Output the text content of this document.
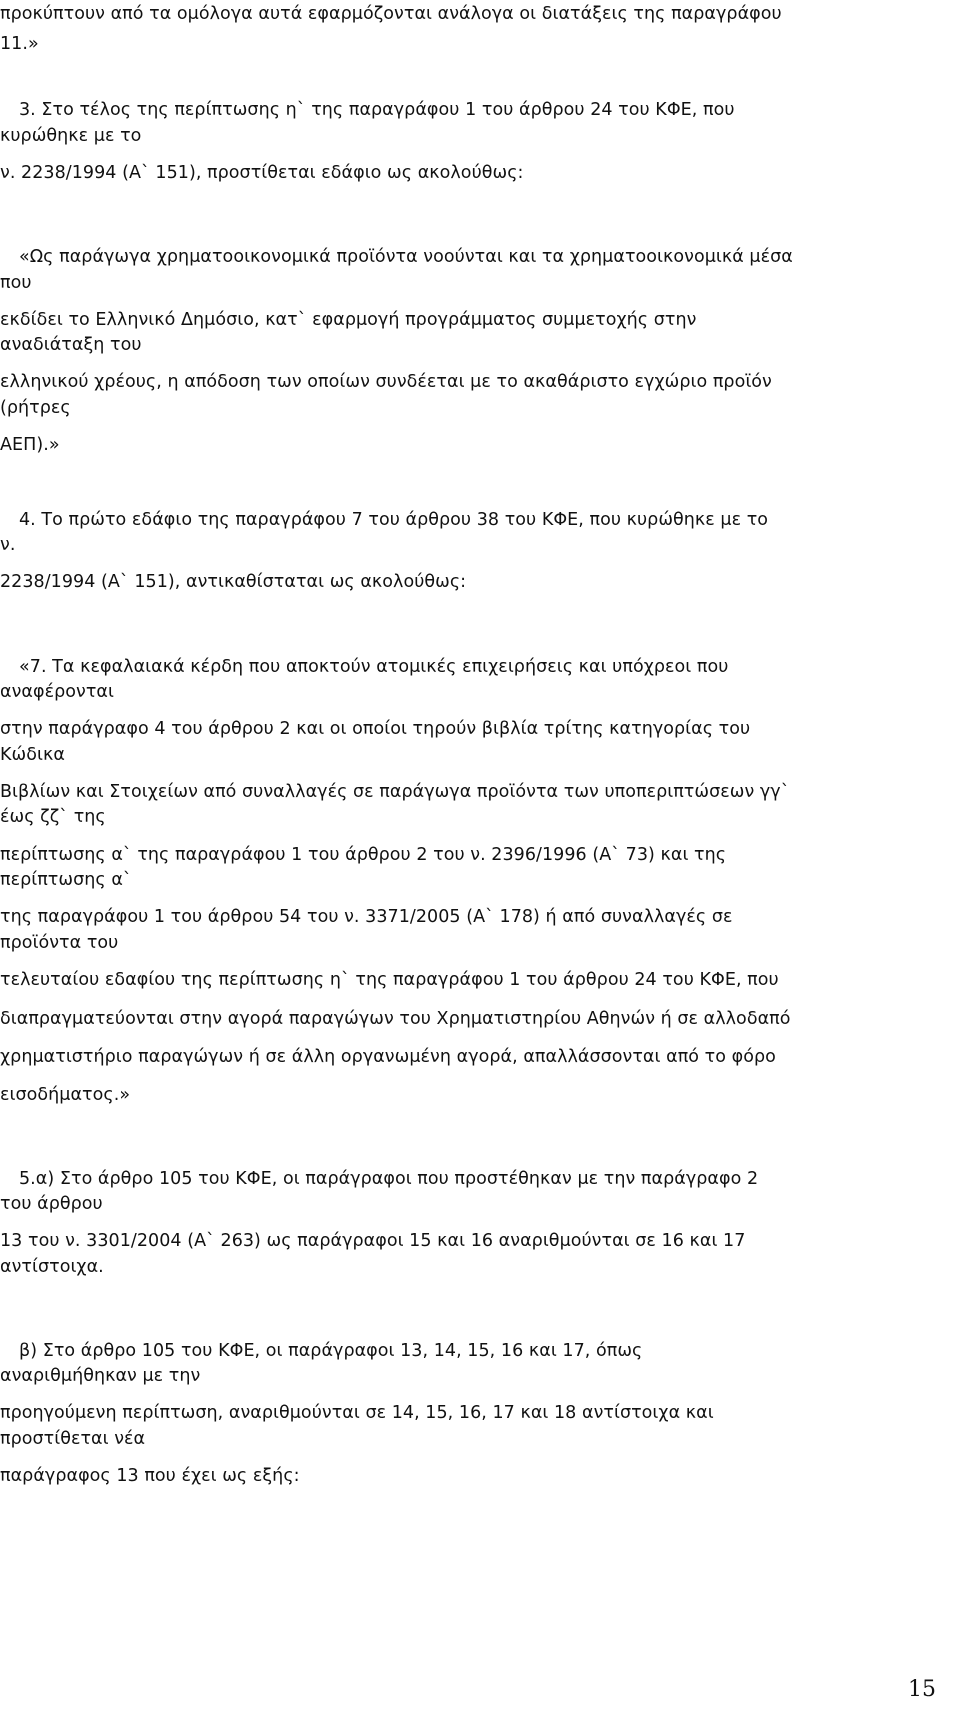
προκύπτουν από τα ομόλογα αυτά εφαρμόζονται ανάλογα οι διατάξεις της παραγράφου
11.»
3. Στο τέλος της περίπτωσης η` της παραγράφου 1 του άρθρου 24 του ΚΦΕ, που
κυρώθηκε με το
ν. 2238/1994 (Α` 151), προστίθεται εδάφιο ως ακολούθως:
«Ως παράγωγα χρηματοοικονομικά προϊόντα νοούνται και τα χρηματοοικονομικά μέσα
που
εκδίδει το Ελληνικό Δημόσιο, κατ` εφαρμογή προγράμματος συμμετοχής στην
αναδιάταξη του
ελληνικού χρέους, η απόδοση των οποίων συνδέεται με το ακαθάριστο εγχώριο προϊόν
(ρήτρες
ΑΕΠ).»
4. Το πρώτο εδάφιο της παραγράφου 7 του άρθρου 38 του ΚΦΕ, που κυρώθηκε με το
ν.
2238/1994 (Α` 151), αντικαθίσταται ως ακολούθως:
«7. Τα κεφαλαιακά κέρδη που αποκτούν ατομικές επιχειρήσεις και υπόχρεοι που
αναφέρονται
στην παράγραφο 4 του άρθρου 2 και οι οποίοι τηρούν βιβλία τρίτης κατηγορίας του
Κώδικα
Βιβλίων και Στοιχείων από συναλλαγές σε παράγωγα προϊόντα των υποπεριπτώσεων γγ`
έως ζζ` της
περίπτωσης α` της παραγράφου 1 του άρθρου 2 του ν. 2396/1996 (Α` 73) και της
περίπτωσης α`
της παραγράφου 1 του άρθρου 54 του ν. 3371/2005 (Α` 178) ή από συναλλαγές σε
προϊόντα του
τελευταίου εδαφίου της περίπτωσης η` της παραγράφου 1 του άρθρου 24 του ΚΦΕ, που
διαπραγματεύονται στην αγορά παραγώγων του Χρηματιστηρίου Αθηνών ή σε αλλοδαπό
χρηματιστήριο παραγώγων ή σε άλλη οργανωμένη αγορά, απαλλάσσονται από το φόρο
εισοδήματος.»
5.α) Στο άρθρο 105 του ΚΦΕ, οι παράγραφοι που προστέθηκαν με την παράγραφο 2
του άρθρου
13 του ν. 3301/2004 (Α` 263) ως παράγραφοι 15 και 16 αναριθμούνται σε 16 και 17
αντίστοιχα.
β) Στο άρθρο 105 του ΚΦΕ, οι παράγραφοι 13, 14, 15, 16 και 17, όπως
αναριθμήθηκαν με την
προηγούμενη περίπτωση, αναριθμούνται σε 14, 15, 16, 17 και 18 αντίστοιχα και
προστίθεται νέα
παράγραφος 13 που έχει ως εξής:
15
